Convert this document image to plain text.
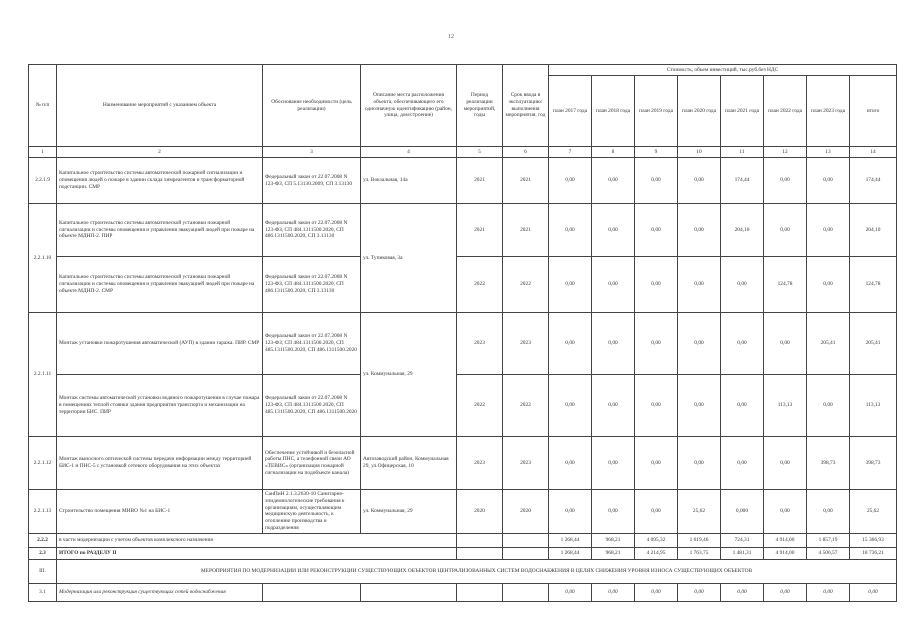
12
№ п/п	Наименование мероприятий с указанием объекта	Обоснование необходимости (цель реализации)	Описание места расположения объекта, обеспечивающего его однозначную идентификацию (район, улица, дом/строение)	Период реализации мероприятий, годы	Срок ввода в эксплуатацию/ выполнения мероприятия, год	Стоимость, объем инвестиций, тыс.руб.без НДС							
						план 2017 года	план 2018 года	план 2019 года	план 2020 года	план 2021 года	план 2022 года	план 2023 года	итого
1	2	3	4	5	6	7	8	9	10	11	12	13	14
2.2.1.9	Капитальное строительство системы автоматической пожарной сигнализации и оповещения людей о пожаре в здании склада химреагентов и трансформаторной подстанции. СМР	Федеральный закон от 22.07.2008 N 123-ФЗ, СП 5.13130.2009, СП 3.13130	ул. Вокзальная, 14а	2021	2021	0,00	0,00	0,00	0,00	174,44	0,00	0,00	174,44
2.2.1.10	Капитальное строительство системы автоматической установки пожарной сигнализации и системы оповещения и управления эвакуацией людей при пожаре на объекте МДНП-2. ПИР	Федеральный закон от 22.07.2008 N 123-ФЗ, СП 484.1311500.2020, СП 486.1311500.2020, СП 3.13130	ул. Тупиковая, 3а	2021	2021	0,00	0,00	0,00	0,00	204,10	0,00	0,00	204,10
	Капитальное строительство системы автоматической установки пожарной сигнализации и системы оповещения и управления эвакуацией людей при пожаре на объекте МДНП-2. СМР	Федеральный закон от 22.07.2008 N 123-ФЗ, СП 484.1311500.2020, СП 486.1311500.2020, СП 3.13130		2022	2022	0,00	0,00	0,00	0,00	0,00	124,78	0,00	124,78
2.2.1.11	Монтаж установки пожаротушения автоматической (АУП) в здании гаража. ПИР. СМР	Федеральный закон от 22.07.2008 N 123-ФЗ, СП 484.1311500.2020, СП 485.1311500.2020, СП 486.1311500.2020	ул. Коммунальная, 29	2023	2023	0,00	0,00	0,00	0,00	0,00	0,00	205,41	205,41
	Монтаж системы автоматической установки водяного пожаротушения в случае пожара в помещениях теплой стоянки здания предприятия транспорта и механизации на территории БИС. ПИР	Федеральный закон от 22.07.2008 N 123-ФЗ, СП 484.1311500.2020, СП 485.1311500.2020, СП 486.1311500.2020		2022	2022	0,00	0,00	0,00	0,00	0,00	113,13	0,00	113,13
2.2.1.12	Монтаж выносного оптической системы передачи информации между территорией БИС-1 и ПНС-5 с установкой сетевого оборудования на этих объектах	Обеспечение устойчивой и безопасной работы ПНС, а телефонной связи АО «ТЕВИС» (организация пожарной сигнализации на подобъекте канала)	Автозаводский район, Коммунальная 29, ул.Офицерская, 10	2023	2023	0,00	0,00	0,00	0,00	0,00	0,00	398,73	398,73
2.2.1.13	Строительство помещения МНВО №1 на БИС-1	СанПиН 2.1.3.2630-10 Санитарно-эпидемиологические требования к организациям, осуществляющим медицинскую деятельность, к отоплению производства и подразделения	ул. Коммунальная, 29	2020	2020	0,00	0,00	0,00	25,62	0,000	0,00	0,00	25,62
2.2.2	в части модернизации с учетом объектов комплексного назначения					1 268,44	968,21	4 095,32	1 619,46	724,31	4 914,00	1 857,19	15 366,93
2.3	ИТОГО по РАЗДЕЛУ II					1 268,44	968,21	4 214,95	1 763,75	1 481,31	4 914,00	4 506,57	18 736,21
III.	МЕРОПРИЯТИЯ ПО МОДЕРНИЗАЦИИ ИЛИ РЕКОНСТРУКЦИИ СУЩЕСТВУЮЩИХ ОБЪЕКТОВ ЦЕНТРАЛИЗОВАННЫХ СИСТЕМ ВОДОСНАБЖЕНИЯ В ЦЕЛЯХ СНИЖЕНИЯ УРОВНЯ ИЗНОСА СУЩЕСТВУЮЩИХ ОБЪЕКТОВ												
3.1	Модернизация или реконструкция существующих сетей водоснабжения					0,00	0,00	0,00	0,00	0,00	0,00	0,00	0,00
